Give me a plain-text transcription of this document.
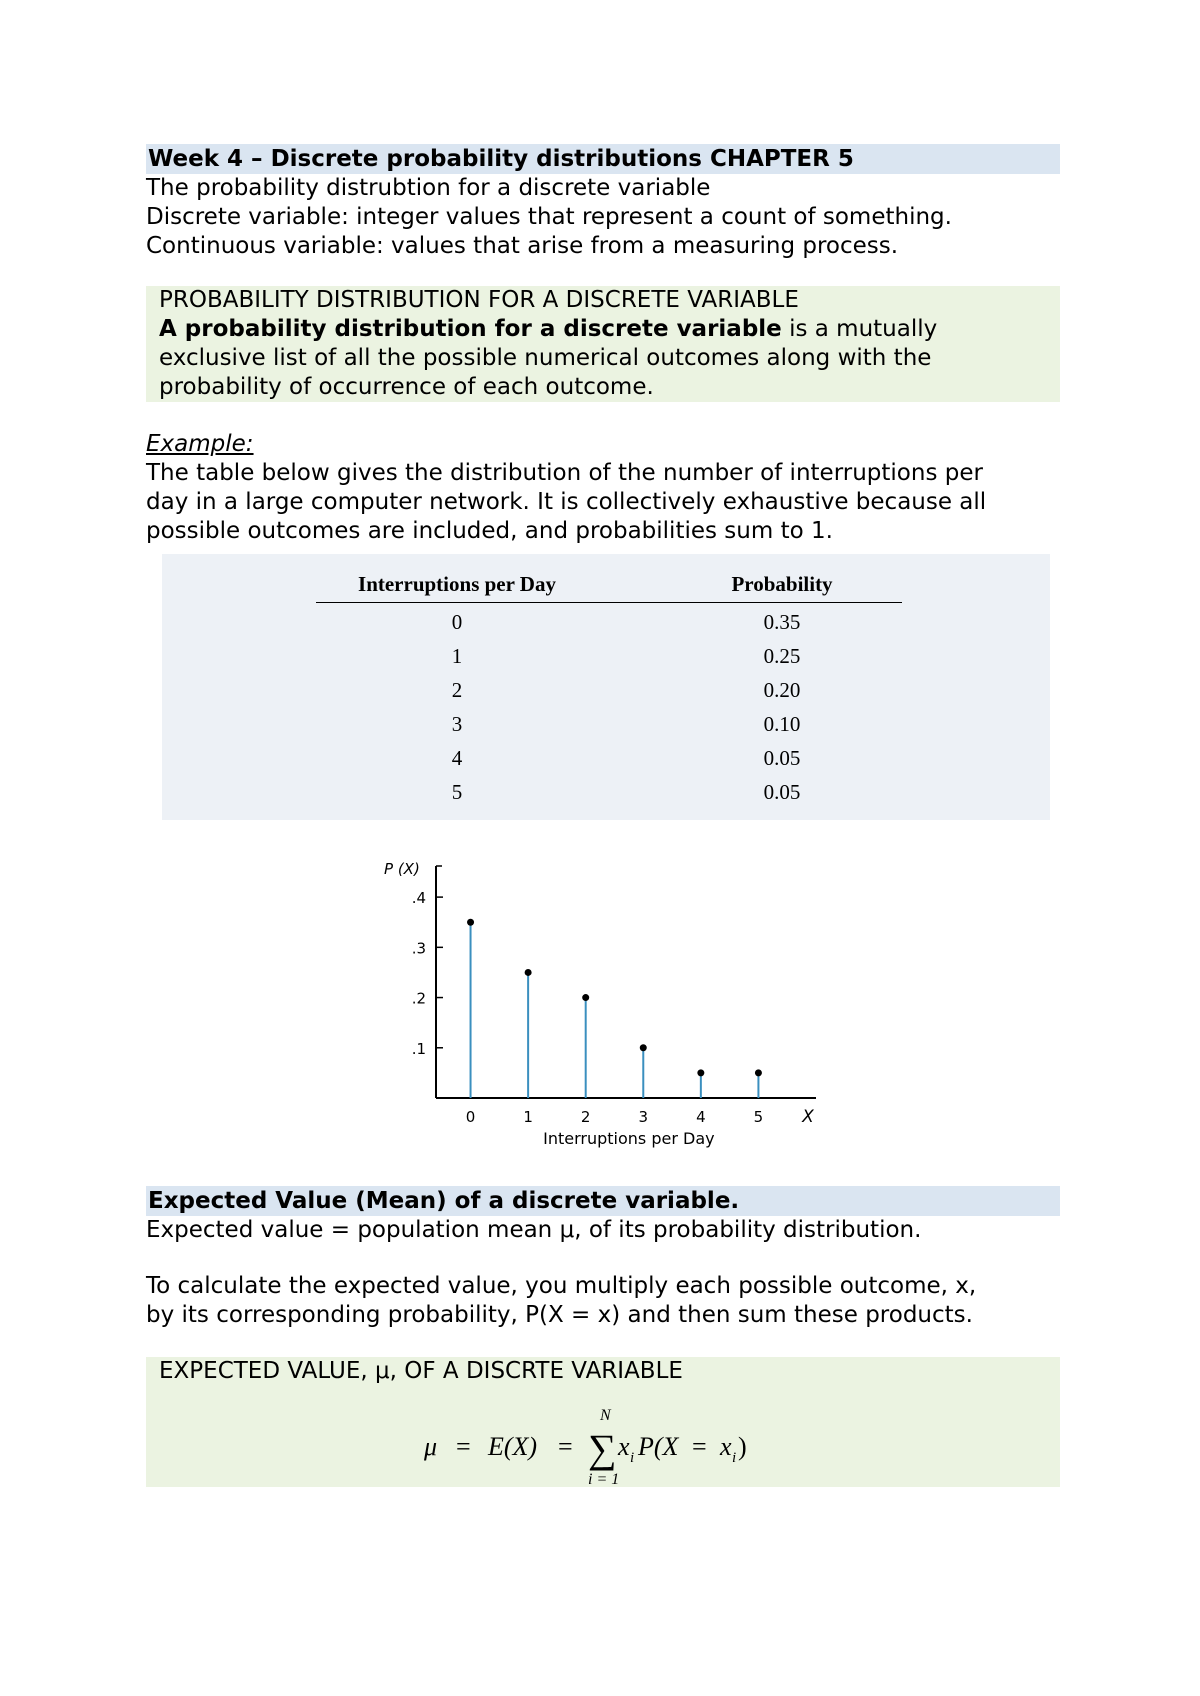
Week 4 – Discrete probability distributions CHAPTER 5
The probability distrubtion for a discrete variable
Discrete variable: integer values that represent a count of something.
Continuous variable: values that arise from a measuring process.
PROBABILITY DISTRIBUTION FOR A DISCRETE VARIABLE
A probability distribution for a discrete variable is a mutually
exclusive list of all the possible numerical outcomes along with the
probability of occurrence of each outcome.
Example:
The table below gives the distribution of the number of interruptions per
day in a large computer network. It is collectively exhaustive because all
possible outcomes are included, and probabilities sum to 1.
Interruptions per Day	Probability
0	0.35
1	0.25
2	0.20
3	0.10
4	0.05
5	0.05
.1
.2
.3
.4
P (X)
0	1	2	3	4	5 X
Interruptions per Day
Expected Value (Mean) of a discrete variable.
Expected value = population mean μ, of its probability distribution.
To calculate the expected value, you multiply each possible outcome, x,
by its corresponding probability, P(X = x) and then sum these products.
EXPECTED VALUE, μ, OF A DISCRTE VARIABLE
μ = E(X) = ∑
N
i = 1
x i P(X = x i )
